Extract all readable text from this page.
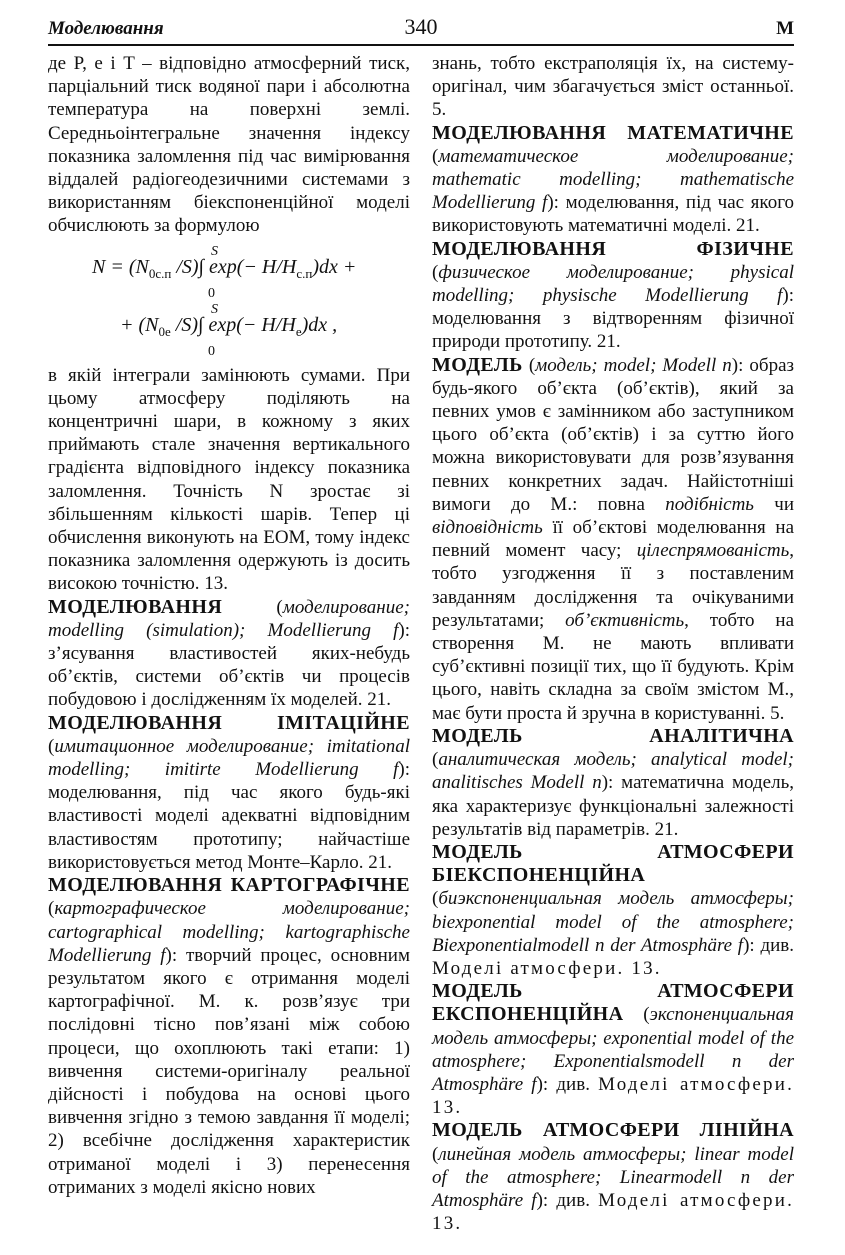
Моделювання	340	М

де P, e і T – відповідно атмосферний тиск, парціальний тиск водяної пари і абсолютна температура на поверхні землі. Середньоінтегральне значення індексу показника заломлення під час вимірювання віддалей радіогеодезичними системами з використанням біекспоненційної моделі обчислюють за формулою

S
$N = (N_{0с.п}$ /S)∫ $\exp(- H/H_{с.п})dx$ +
0
S
+ ($N_{0e}$ /S)∫ $\exp(- H/H_e)dx$ ,
0

в якій інтеграли замінюють сумами. При цьому атмосферу поділяють на концентричні шари, в кожному з яких приймають стале значення вертикального градієнта відповідного індексу показника заломлення. Точність N зростає зі збільшенням кількості шарів. Тепер ці обчислення виконують на ЕОМ, тому індекс показника заломлення одержують із досить високою точністю. 13.

МОДЕЛЮВАННЯ (моделирование; modelling (simulation); Modellierung f): з’ясування властивостей яких-небудь об’єктів, системи об’єктів чи процесів побудовою і дослідженням їх моделей. 21.

МОДЕЛЮВАННЯ ІМІТАЦІЙНЕ (имитационное моделирование; imitational modelling; imitirte Modellierung f): моделювання, під час якого будь-які властивості моделі адекватні відповідним властивостям прототипу; найчастіше використовується метод Монте–Карло. 21.

МОДЕЛЮВАННЯ КАРТОГРАФІЧНЕ (картографическое моделирование; cartographical modelling; kartographische Modellierung f): творчий процес, основним результатом якого є отримання моделі картографічної. М. к. розв’язує три послідовні тісно пов’язані між собою процеси, що охоплюють такі етапи: 1) вивчення системи-оригіналу реальної дійсності і побудова на основі цього вивчення згідно з темою завдання її моделі; 2) всебічне дослідження характеристик отриманої моделі і 3) перенесення отриманих з моделі якісно нових

знань, тобто екстраполяція їх, на систему-оригінал, чим збагачується зміст останньої. 5.

МОДЕЛЮВАННЯ МАТЕМАТИЧНЕ (математическое моделирование; mathematic modelling; mathematische Modellierung f): моделювання, під час якого використовують математичні моделі. 21.

МОДЕЛЮВАННЯ ФІЗИЧНЕ (физическое моделирование; physical modelling; physische Modellierung f): моделювання з відтворенням фізичної природи прототипу. 21.

МОДЕЛЬ (модель; model; Modell n): образ будь-якого об’єкта (об’єктів), який за певних умов є замінником або заступником цього об’єкта (об’єктів) і за суттю його можна використовувати для розв’язування певних конкретних задач. Найістотніші вимоги до М.: повна подібність чи відповідність її об’єктові моделювання на певний момент часу; цілеспрямованість, тобто узгодження її з поставленим завданням дослідження та очікуваними результатами; об’єктивність, тобто на створення М. не мають впливати суб’єктивні позиції тих, що її будують. Крім цього, навіть складна за своїм змістом М., має бути проста й зручна в користуванні. 5.

МОДЕЛЬ АНАЛІТИЧНА (аналитическая модель; analytical model; analitisches Modell n): математична модель, яка характеризує функціональні залежності результатів від параметрів. 21.

МОДЕЛЬ АТМОСФЕРИ БІЕКСПОНЕНЦІЙНА (биэкспоненциальная модель атмосферы; biexponential model of the atmosphere; Biexponentialmodell n der Atmosphäre f): див. Моделі атмосфери. 13.

МОДЕЛЬ АТМОСФЕРИ ЕКСПОНЕНЦІЙНА (экспоненциальная модель атмосферы; exponential model of the atmosphere; Exponentialsmodell n der Atmosphäre f): див. Моделі атмосфери. 13.

МОДЕЛЬ АТМОСФЕРИ ЛІНІЙНА (линейная модель атмосферы; linear model of the atmosphere; Linearmodell n der Atmosphäre f): див. Моделі атмосфери. 13.
